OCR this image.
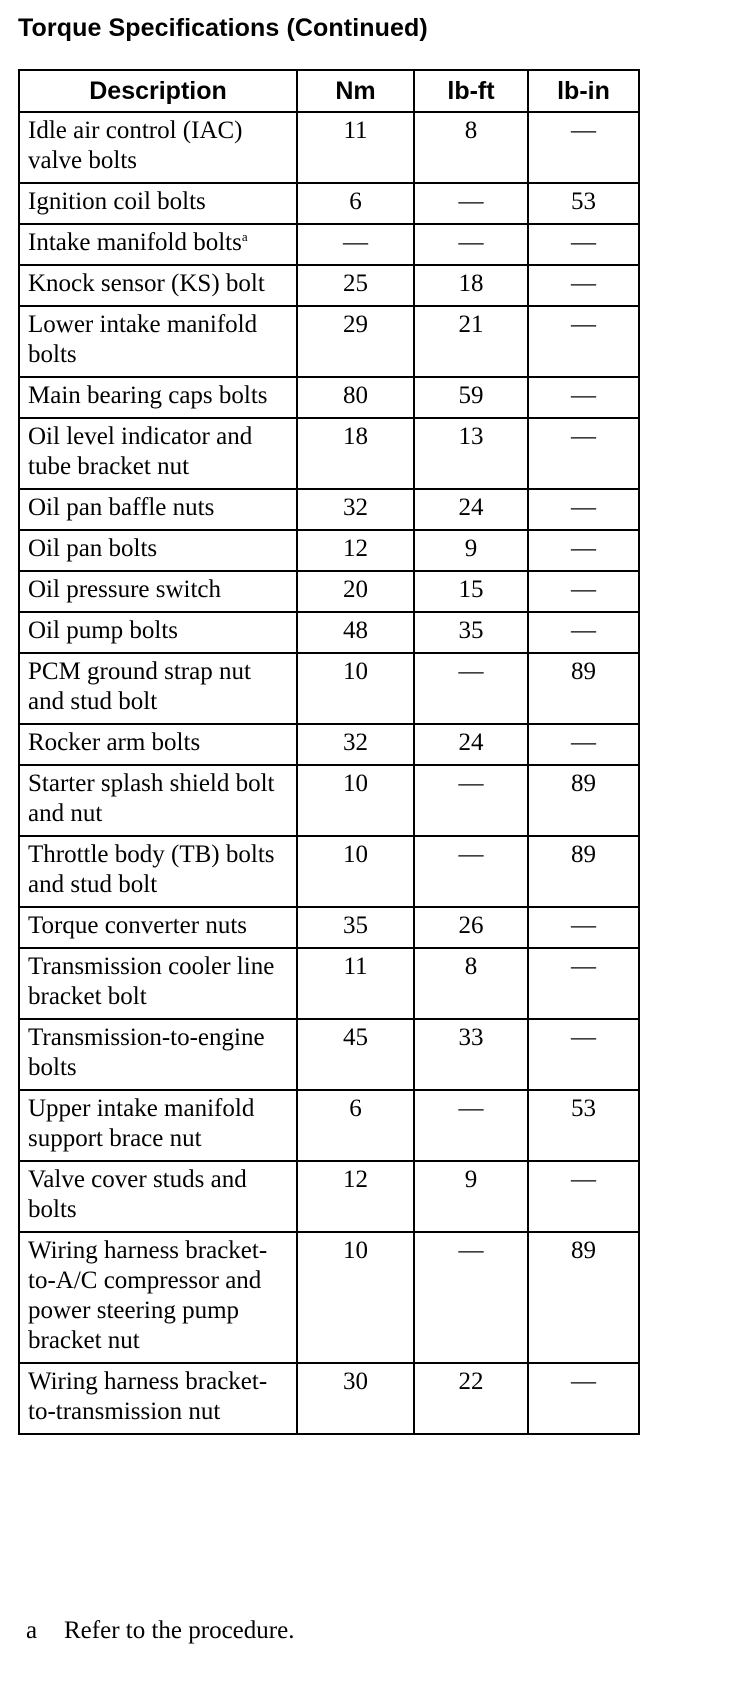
Torque Specifications (Continued)
Description	Nm	lb-ft	lb-in
Idle air control (IAC) valve bolts	11	8	—
Ignition coil bolts	6	—	53
Intake manifold bolts$^a$	—	—	—
Knock sensor (KS) bolt	25	18	—
Lower intake manifold bolts	29	21	—
Main bearing caps bolts	80	59	—
Oil level indicator and tube bracket nut	18	13	—
Oil pan baffle nuts	32	24	—
Oil pan bolts	12	9	—
Oil pressure switch	20	15	—
Oil pump bolts	48	35	—
PCM ground strap nut and stud bolt	10	—	89
Rocker arm bolts	32	24	—
Starter splash shield bolt and nut	10	—	89
Throttle body (TB) bolts and stud bolt	10	—	89
Torque converter nuts	35	26	—
Transmission cooler line bracket bolt	11	8	—
Transmission-to-engine bolts	45	33	—
Upper intake manifold support brace nut	6	—	53
Valve cover studs and bolts	12	9	—
Wiring harness bracket-to-A/C compressor and power steering pump bracket nut	10	—	89
Wiring harness bracket-to-transmission nut	30	22	—
a Refer to the procedure.
